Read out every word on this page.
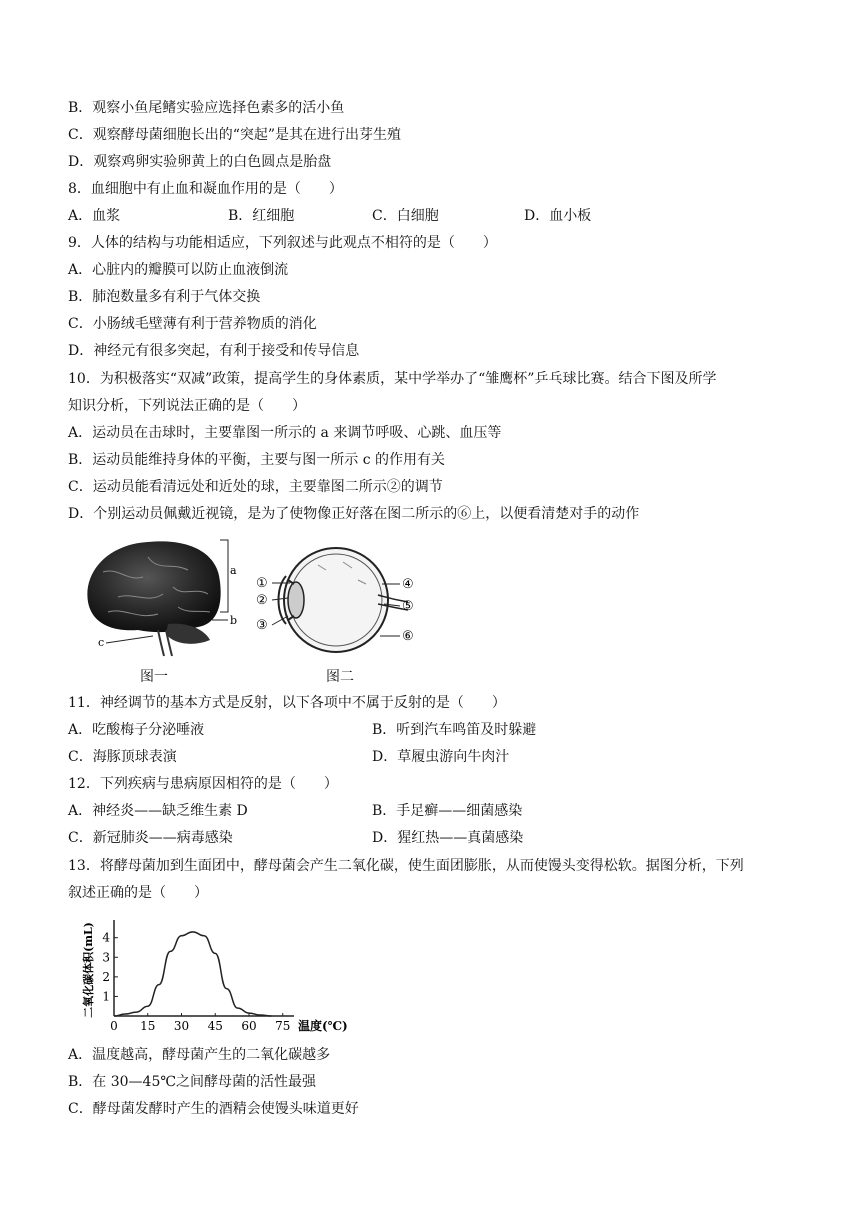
B．观察小鱼尾鳍实验应选择色素多的活小鱼
C．观察酵母菌细胞长出的“突起”是其在进行出芽生殖
D．观察鸡卵实验卵黄上的白色圆点是胎盘
8．血细胞中有止血和凝血作用的是（　　）
A．血浆	B．红细胞	C．白细胞	D．血小板
9．人体的结构与功能相适应，下列叙述与此观点不相符的是（　　）
A．心脏内的瓣膜可以防止血液倒流
B．肺泡数量多有利于气体交换
C．小肠绒毛壁薄有利于营养物质的消化
D．神经元有很多突起，有利于接受和传导信息
10．为积极落实“双减”政策，提高学生的身体素质，某中学举办了“雏鹰杯”乒乓球比赛。结合下图及所学
知识分析，下列说法正确的是（　　）
A．运动员在击球时，主要靠图一所示的 a 来调节呼吸、心跳、血压等
B．运动员能维持身体的平衡，主要与图一所示 c 的作用有关
C．运动员能看清远处和近处的球，主要靠图二所示②的调节
D．个别运动员佩戴近视镜，是为了使物像正好落在图二所示的⑥上，以便看清楚对手的动作
a
b
c
图一
①
②
③
④
⑤
⑥
图二
11．神经调节的基本方式是反射，以下各项中不属于反射的是（　　）
A．吃酸梅子分泌唾液	B．听到汽车鸣笛及时躲避
C．海豚顶球表演	D．草履虫游向牛肉汁
12．下列疾病与患病原因相符的是（　　）
A．神经炎——缺乏维生素 D	B．手足癣——细菌感染
C．新冠肺炎——病毒感染	D．猩红热——真菌感染
13．将酵母菌加到生面团中，酵母菌会产生二氧化碳，使生面团膨胀，从而使馒头变得松软。据图分析，下列
叙述正确的是（　　）
二氧化碳体积(mL) 1
2
3
4
0 15 30 45 60 75 温度(℃)
A．温度越高，酵母菌产生的二氧化碳越多
B．在 30—45℃之间酵母菌的活性最强
C．酵母菌发酵时产生的酒精会使馒头味道更好
